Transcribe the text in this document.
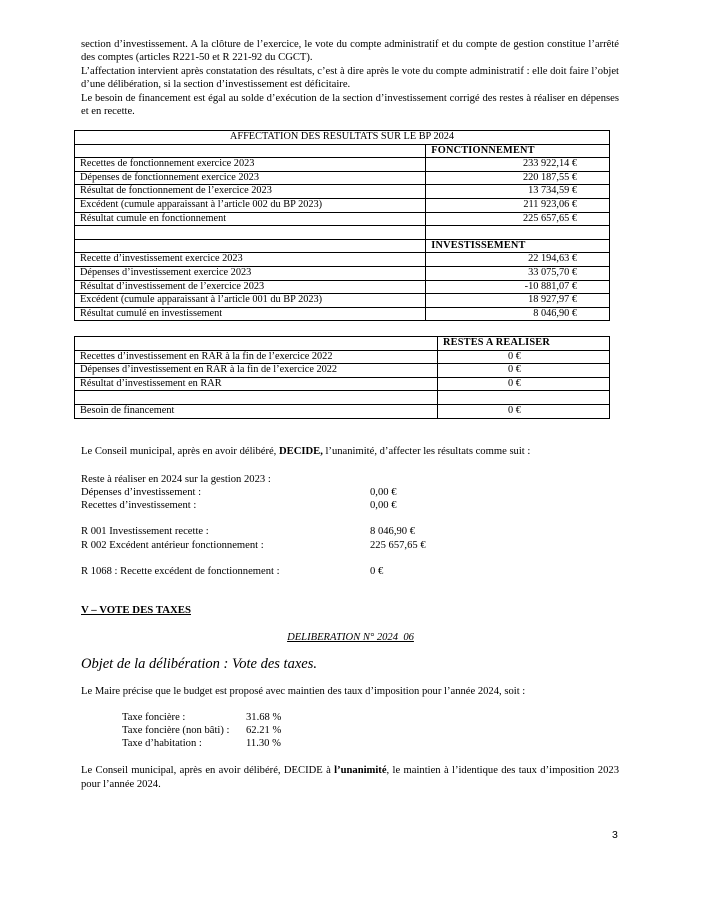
section d’investissement. A la clôture de l’exercice, le vote du compte administratif et du compte de gestion constitue l’arrêté des comptes (articles R221-50 et R 221-92 du CGCT).

L’affectation intervient après constatation des résultats, c’est à dire après le vote du compte administratif : elle doit faire l’objet d’une délibération, si la section d’investissement est déficitaire.

Le besoin de financement est égal au solde d’exécution de la section d’investissement corrigé des restes à réaliser en dépenses et en recette.

AFFECTATION DES RESULTATS SUR LE BP 2024	
	FONCTIONNEMENT
Recettes de fonctionnement exercice 2023	233 922,14 €
Dépenses de fonctionnement exercice 2023	220 187,55 €
Résultat de fonctionnement de l’exercice 2023	13 734,59 €
Excédent (cumule apparaissant à l’article 002 du BP 2023)	211 923,06 €
Résultat cumule en fonctionnement	225 657,65 €

	INVESTISSEMENT
Recette d’investissement exercice 2023	22 194,63 €
Dépenses d’investissement exercice 2023	33 075,70 €
Résultat d’investissement de l’exercice 2023	-10 881,07 €
Excédent (cumule apparaissant à l’article 001 du BP 2023)	18 927,97 €
Résultat cumulé en investissement	8 046,90 €
	RESTES A REALISER
Recettes d’investissement en RAR à la fin de l’exercice 2022	0 €
Dépenses d’investissement en RAR à la fin de l’exercice 2022	0 €
Résultat d’investissement en RAR	0 €

Besoin de financement	0 €
Le Conseil municipal, après en avoir délibéré, DECIDE, l’unanimité, d’affecter les résultats comme suit :
Reste à réaliser en 2024 sur la gestion 2023 :
Dépenses d’investissement :	0,00 €
Recettes d’investissement :	0,00 €
R 001 Investissement recette :	8 046,90 €
R 002 Excédent antérieur fonctionnement :	225 657,65 €
R 1068 : Recette excédent de fonctionnement :	0 €
V – VOTE DES TAXES
DELIBERATION N° 2024_06
Objet de la délibération : Vote des taxes.
Le Maire précise que le budget est proposé avec maintien des taux d’imposition pour l’année 2024, soit :
Taxe foncière :	31.68 %
Taxe foncière (non bâti) : 62.21 %
Taxe d’habitation :	11.30 %
Le Conseil municipal, après en avoir délibéré, DECIDE à l’unanimité, le maintien à l’identique des taux d’imposition 2023 pour l’année 2024.
3
